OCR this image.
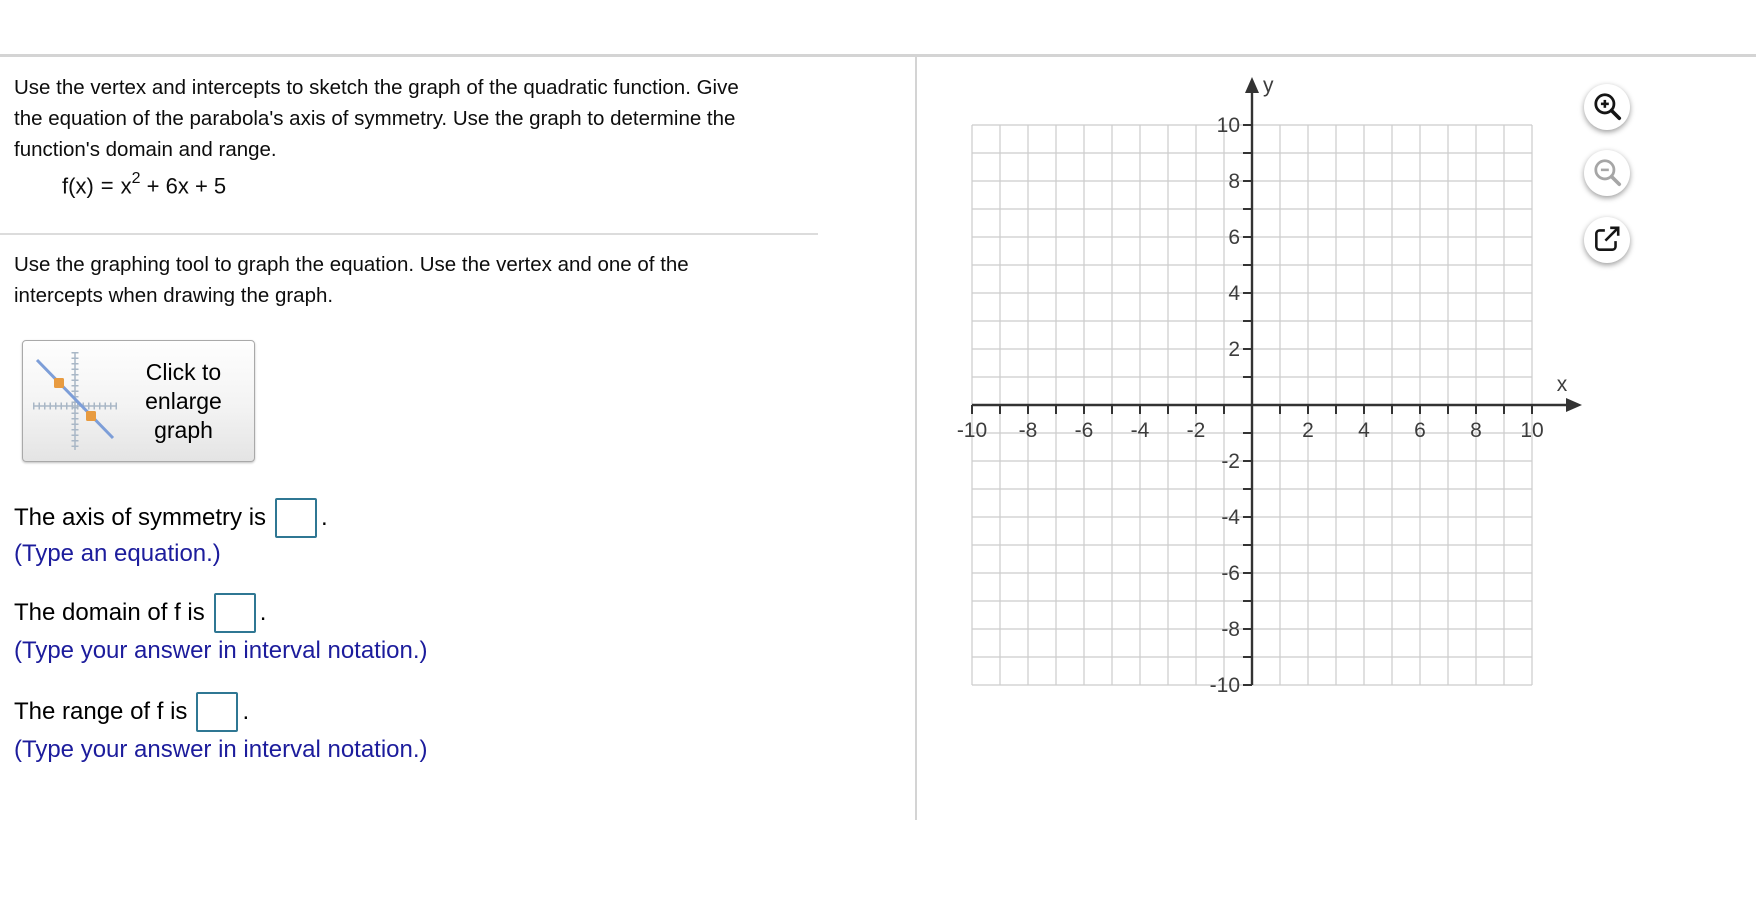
Use the vertex and intercepts to sketch the graph of the quadratic function. Give the equation of the parabola's axis of symmetry. Use the graph to determine the function's domain and range.
$f(x) = x^2 + 6x + 5$
Use the graphing tool to graph the equation. Use the vertex and one of the intercepts when drawing the graph.
Click to enlarge graph
The axis of symmetry is .
(Type an equation.)
The domain of f is .
(Type your answer in interval notation.)
The range of f is .
(Type your answer in interval notation.)
-10 -8 -6 -4 -2	2 4 6 8 10
-10
-8
-6
-4
-2
2
4
6
8
10
x
y
